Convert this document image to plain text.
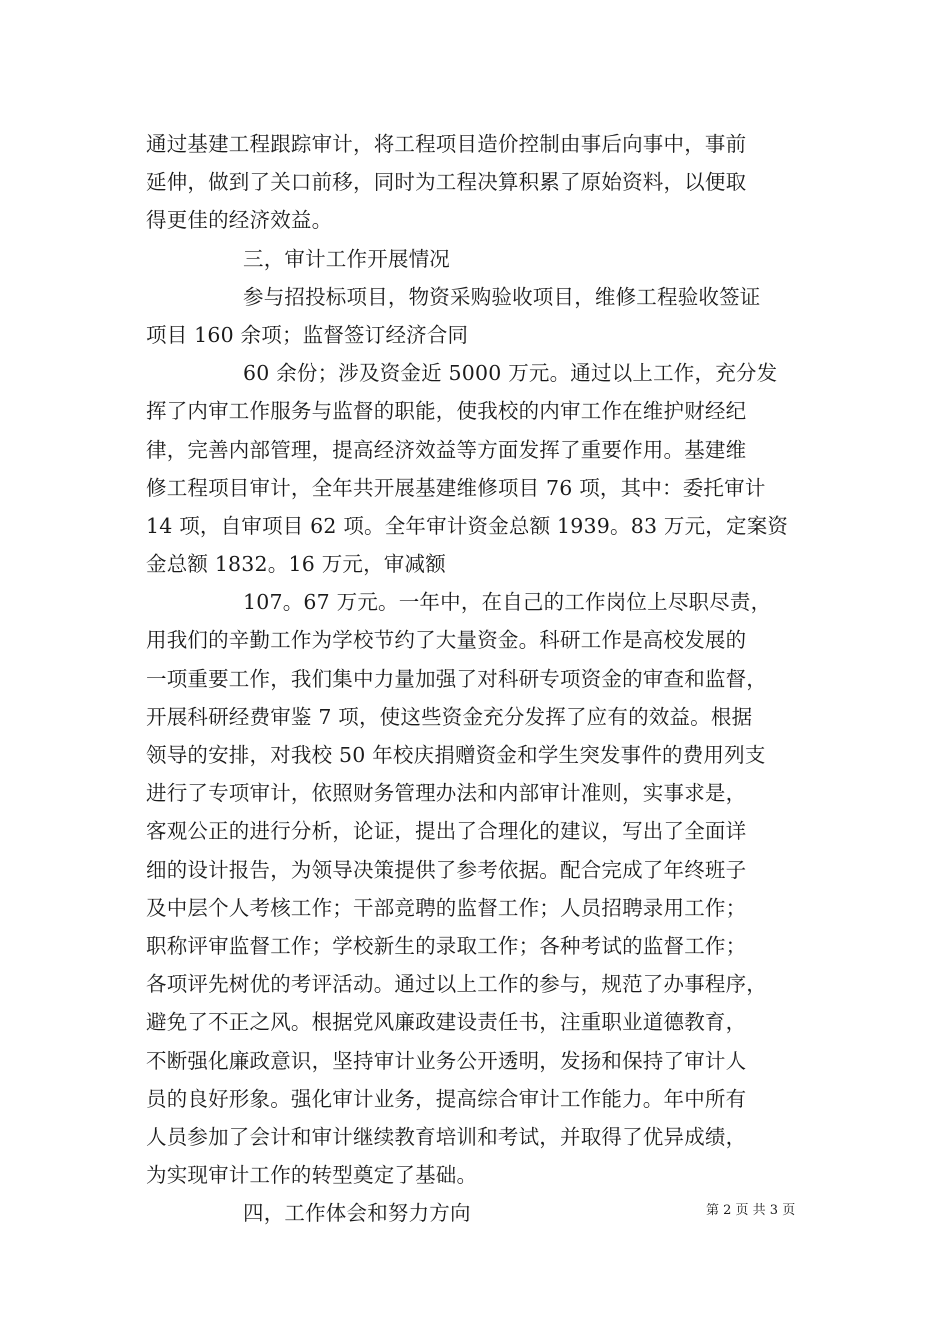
通过基建工程跟踪审计，将工程项目造价控制由事后向事中，事前
延伸，做到了关口前移，同时为工程决算积累了原始资料，以便取
得更佳的经济效益。
三，审计工作开展情况
参与招投标项目，物资采购验收项目，维修工程验收签证
项目 160 余项；监督签订经济合同
60 余份；涉及资金近 5000 万元。通过以上工作，充分发
挥了内审工作服务与监督的职能，使我校的内审工作在维护财经纪
律，完善内部管理，提高经济效益等方面发挥了重要作用。基建维
修工程项目审计，全年共开展基建维修项目 76 项，其中：委托审计
14 项，自审项目 62 项。全年审计资金总额 1939。83 万元，定案资
金总额 1832。16 万元，审减额
107。67 万元。一年中，在自己的工作岗位上尽职尽责，
用我们的辛勤工作为学校节约了大量资金。科研工作是高校发展的
一项重要工作，我们集中力量加强了对科研专项资金的审查和监督，
开展科研经费审鉴 7 项，使这些资金充分发挥了应有的效益。根据
领导的安排，对我校 50 年校庆捐赠资金和学生突发事件的费用列支
进行了专项审计，依照财务管理办法和内部审计准则，实事求是，
客观公正的进行分析，论证，提出了合理化的建议，写出了全面详
细的设计报告，为领导决策提供了参考依据。配合完成了年终班子
及中层个人考核工作；干部竞聘的监督工作；人员招聘录用工作；
职称评审监督工作；学校新生的录取工作；各种考试的监督工作；
各项评先树优的考评活动。通过以上工作的参与，规范了办事程序，
避免了不正之风。根据党风廉政建设责任书，注重职业道德教育，
不断强化廉政意识，坚持审计业务公开透明，发扬和保持了审计人
员的良好形象。强化审计业务，提高综合审计工作能力。年中所有
人员参加了会计和审计继续教育培训和考试，并取得了优异成绩，
为实现审计工作的转型奠定了基础。
四，工作体会和努力方向	第 2 页 共 3 页
